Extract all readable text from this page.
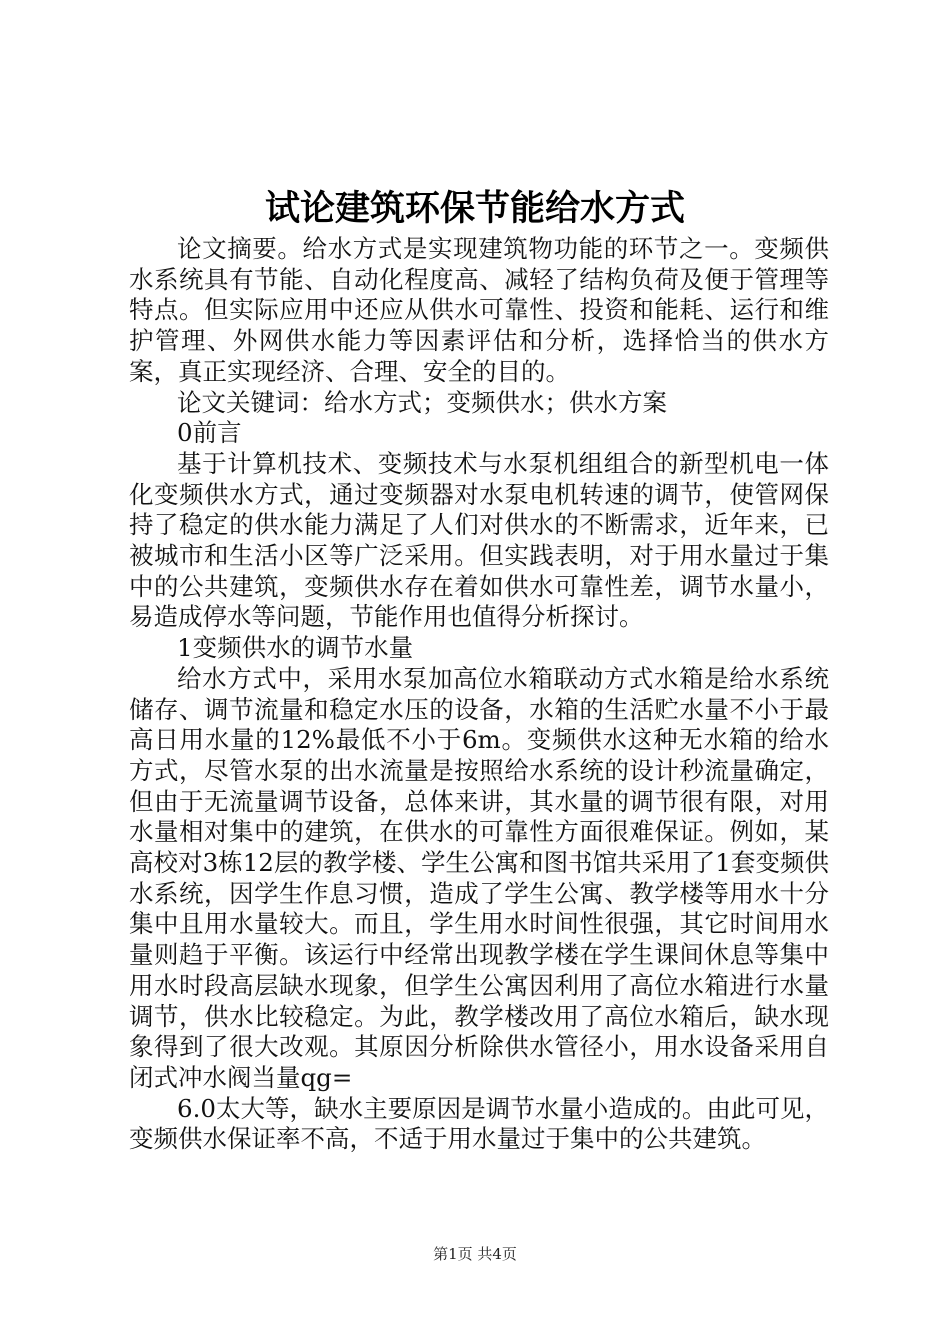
试论建筑环保节能给水方式

论文摘要。给水方式是实现建筑物功能的环节之一。变频供水系统具有节能、自动化程度高、减轻了结构负荷及便于管理等特点。但实际应用中还应从供水可靠性、投资和能耗、运行和维护管理、外网供水能力等因素评估和分析，选择恰当的供水方案，真正实现经济、合理、安全的目的。

论文关键词：给水方式；变频供水；供水方案

0前言

基于计算机技术、变频技术与水泵机组组合的新型机电一体化变频供水方式，通过变频器对水泵电机转速的调节，使管网保持了稳定的供水能力满足了人们对供水的不断需求，近年来，已被城市和生活小区等广泛采用。但实践表明，对于用水量过于集中的公共建筑，变频供水存在着如供水可靠性差，调节水量小，易造成停水等问题，节能作用也值得分析探讨。

1变频供水的调节水量

给水方式中，采用水泵加高位水箱联动方式水箱是给水系统储存、调节流量和稳定水压的设备，水箱的生活贮水量不小于最高日用水量的12%最低不小于6m。变频供水这种无水箱的给水方式，尽管水泵的出水流量是按照给水系统的设计秒流量确定，但由于无流量调节设备，总体来讲，其水量的调节很有限，对用水量相对集中的建筑，在供水的可靠性方面很难保证。例如，某高校对3栋12层的教学楼、学生公寓和图书馆共采用了1套变频供水系统，因学生作息习惯，造成了学生公寓、教学楼等用水十分集中且用水量较大。而且，学生用水时间性很强，其它时间用水量则趋于平衡。该运行中经常出现教学楼在学生课间休息等集中用水时段高层缺水现象，但学生公寓因利用了高位水箱进行水量调节，供水比较稳定。为此，教学楼改用了高位水箱后，缺水现象得到了很大改观。其原因分析除供水管径小，用水设备采用自闭式冲水阀当量qg=

6.0太大等，缺水主要原因是调节水量小造成的。由此可见，变频供水保证率不高，不适于用水量过于集中的公共建筑。

第1页 共4页
